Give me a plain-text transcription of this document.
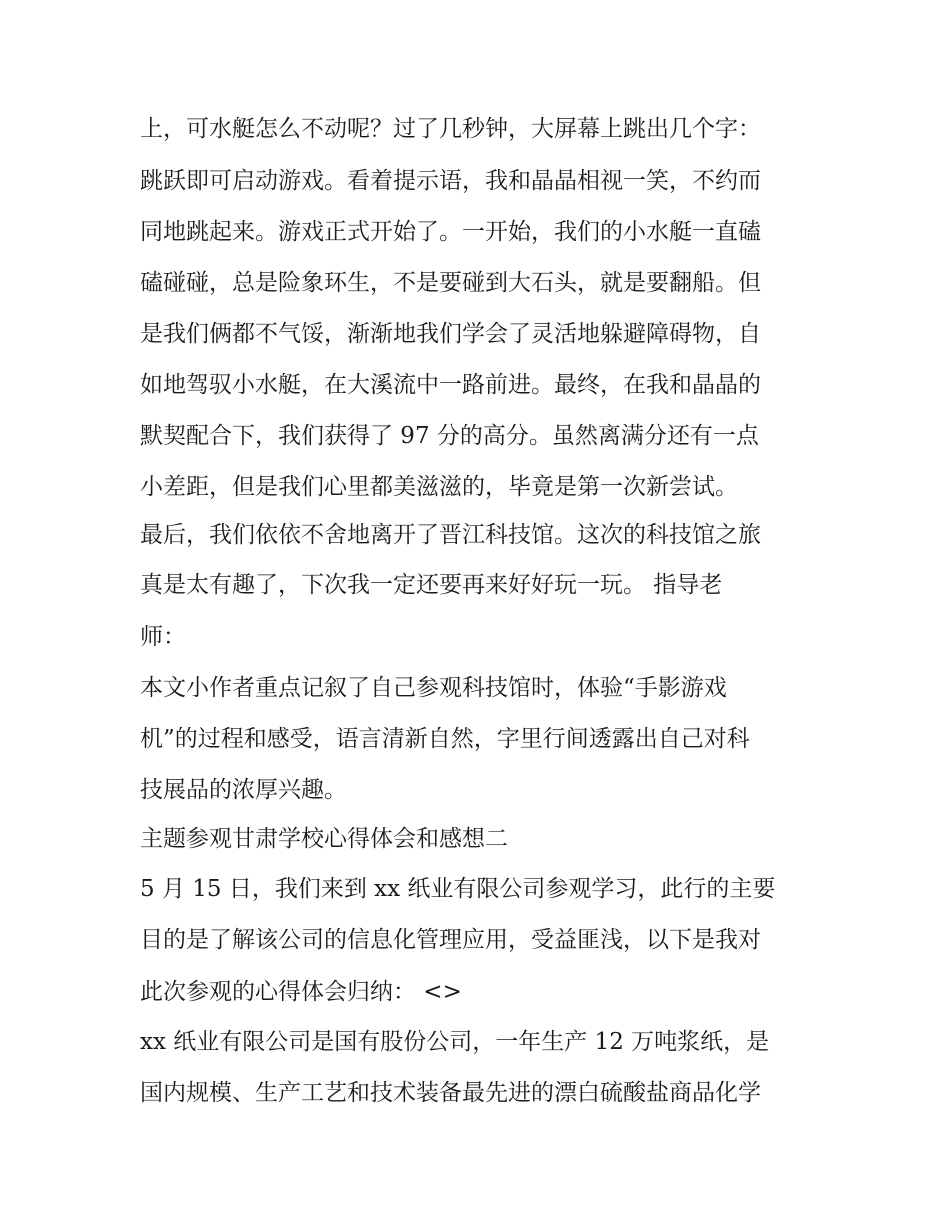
上，可水艇怎么不动呢？过了几秒钟，大屏幕上跳出几个字：
跳跃即可启动游戏。看着提示语，我和晶晶相视一笑，不约而
同地跳起来。游戏正式开始了。一开始，我们的小水艇一直磕
磕碰碰，总是险象环生，不是要碰到大石头，就是要翻船。但
是我们俩都不气馁，渐渐地我们学会了灵活地躲避障碍物，自
如地驾驭小水艇，在大溪流中一路前进。最终，在我和晶晶的
默契配合下，我们获得了 97 分的高分。虽然离满分还有一点
小差距，但是我们心里都美滋滋的，毕竟是第一次新尝试。
最后，我们依依不舍地离开了晋江科技馆。这次的科技馆之旅
真是太有趣了，下次我一定还要再来好好玩一玩。 指导老
师：
本文小作者重点记叙了自己参观科技馆时，体验“手影游戏
机”的过程和感受，语言清新自然，字里行间透露出自己对科
技展品的浓厚兴趣。
主题参观甘肃学校心得体会和感想二
5 月 15 日，我们来到 xx 纸业有限公司参观学习，此行的主要
目的是了解该公司的信息化管理应用，受益匪浅，以下是我对
此次参观的心得体会归纳： <>
xx 纸业有限公司是国有股份公司，一年生产 12 万吨浆纸，是
国内规模、生产工艺和技术装备最先进的漂白硫酸盐商品化学
